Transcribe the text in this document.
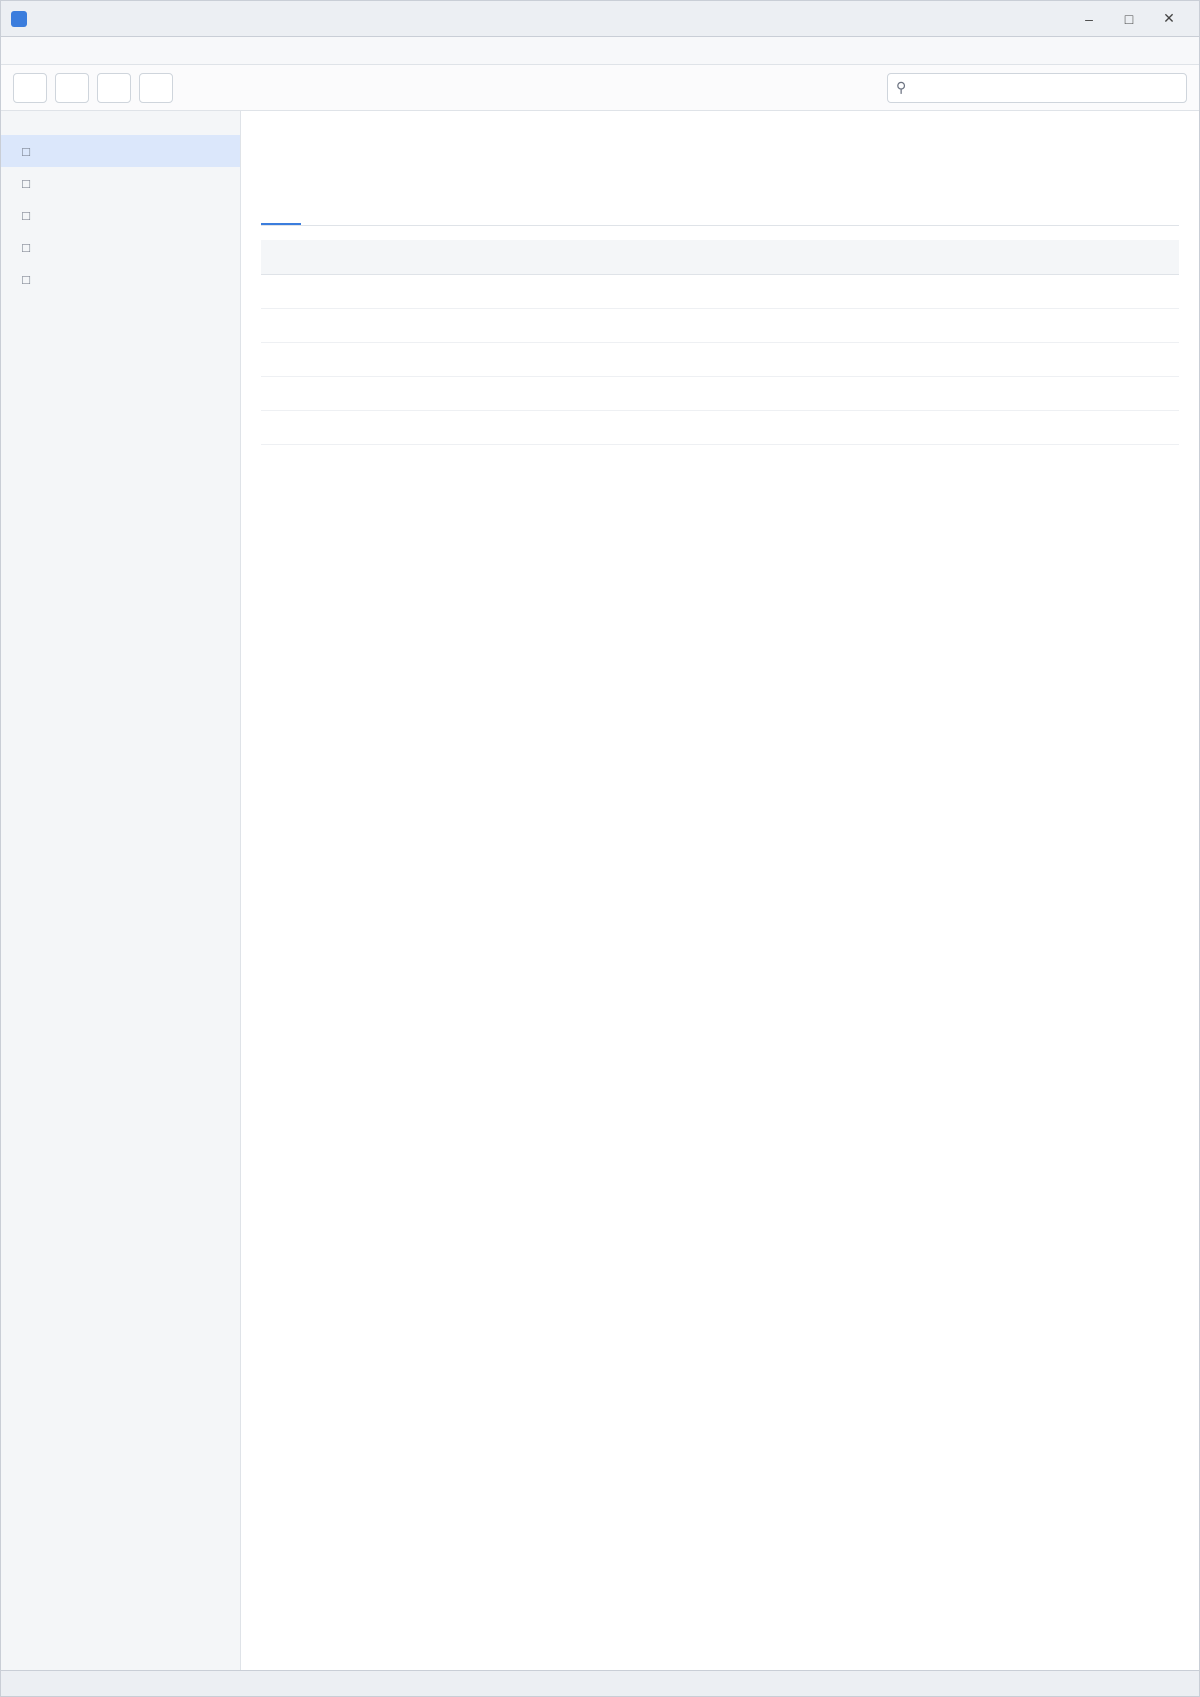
–	□	✕
⚲
□
□
□
□
□
